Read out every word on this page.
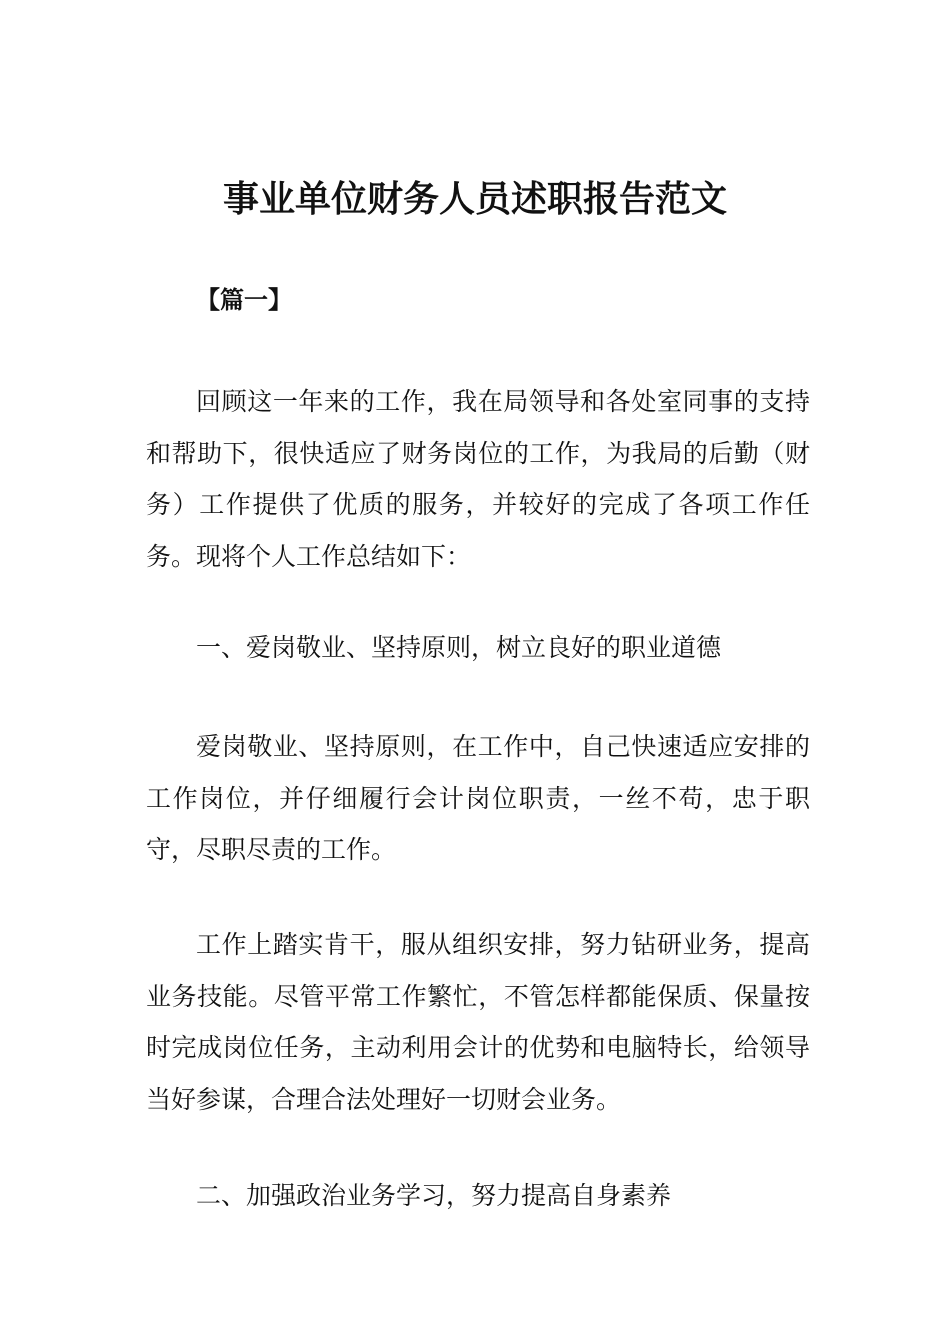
事业单位财务人员述职报告范文

【篇一】

回顾这一年来的工作，我在局领导和各处室同事的支持和帮助下，很快适应了财务岗位的工作，为我局的后勤（财务）工作提供了优质的服务，并较好的完成了各项工作任务。现将个人工作总结如下：

一、爱岗敬业、坚持原则，树立良好的职业道德

爱岗敬业、坚持原则，在工作中，自己快速适应安排的工作岗位，并仔细履行会计岗位职责，一丝不苟，忠于职守，尽职尽责的工作。

工作上踏实肯干，服从组织安排，努力钻研业务，提高业务技能。尽管平常工作繁忙，不管怎样都能保质、保量按时完成岗位任务，主动利用会计的优势和电脑特长，给领导当好参谋，合理合法处理好一切财会业务。

二、加强政治业务学习，努力提高自身素养
